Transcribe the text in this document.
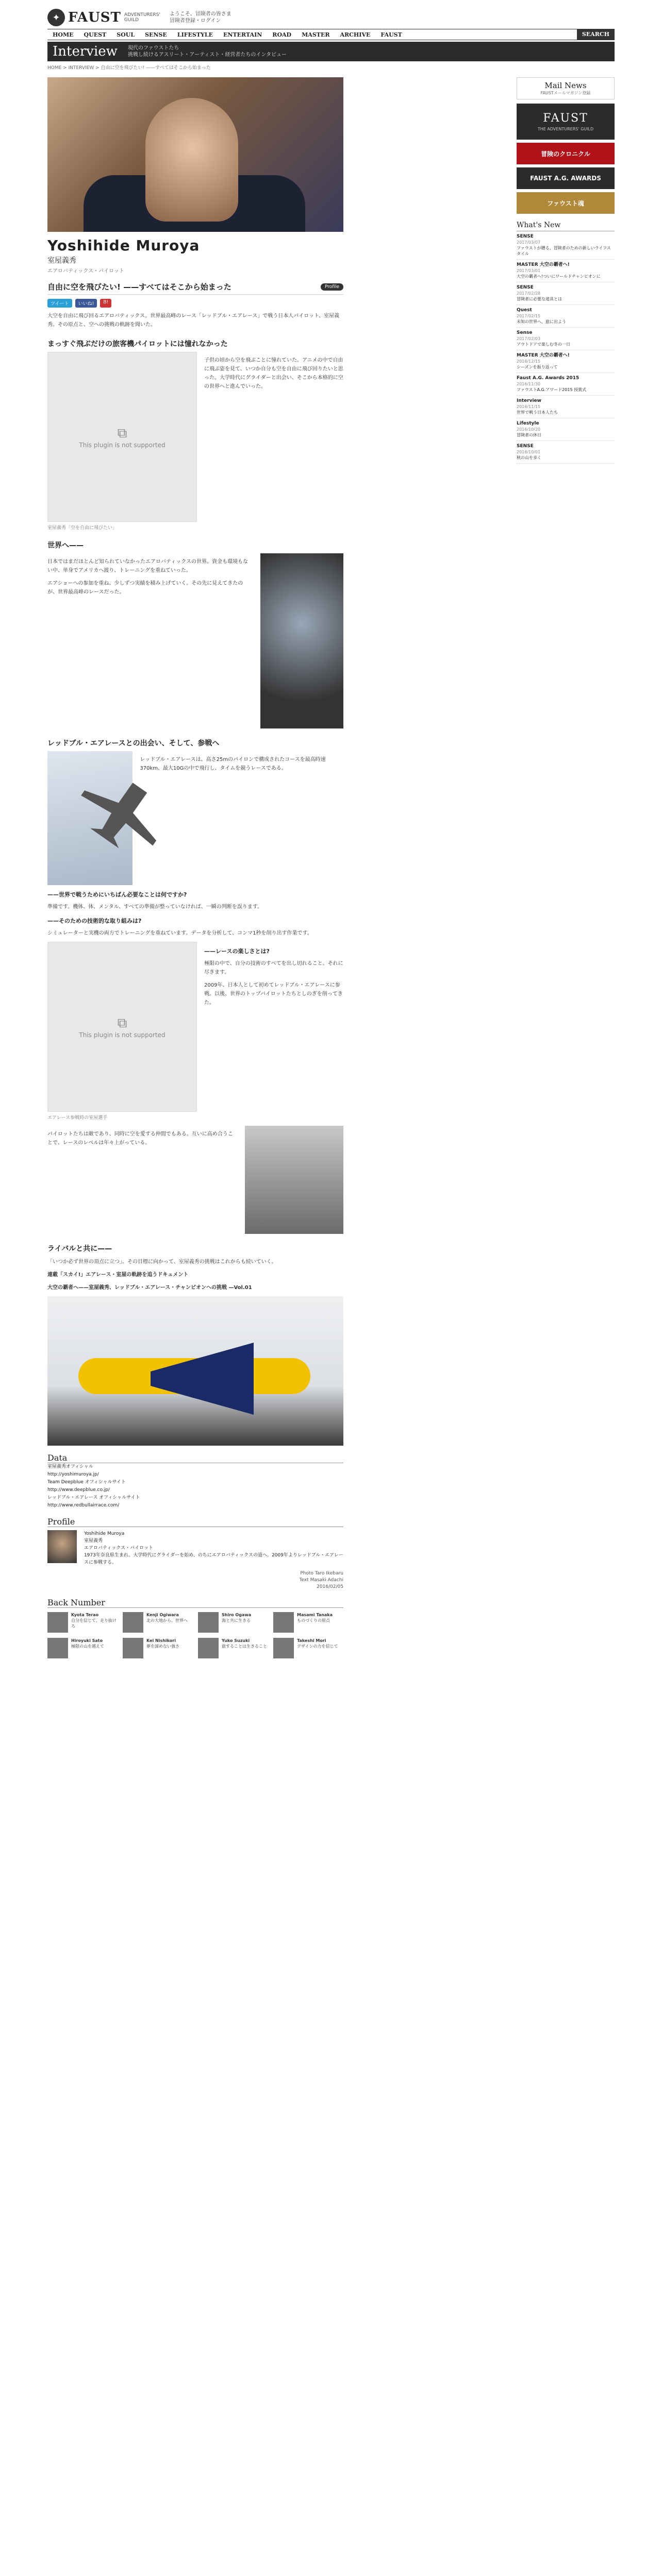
✦ FAUST ADVENTURERS'
GUILD
ようこそ、冒険者の皆さま
冒険者登録・ログイン
HOME	QUEST	SOUL	SENSE	LIFESTYLE	ENTERTAIN	ROAD	MASTER	ARCHIVE	FAUST	SEARCH
Interview 現代のファウストたち
挑戦し続けるアスリート・アーティスト・経営者たちのインタビュー
HOME > INTERVIEW > 自由に空を飛びたい! ——すべてはそこから始まった
Yoshihide Muroya
室屋義秀
エアロバティックス・パイロット
自由に空を飛びたい! ——すべてはそこから始まった	Profile
ツイート	いいね!	B!

大空を自由に飛び回るエアロバティックス。世界最高峰のレース「レッドブル・エアレース」で戦う日本人パイロット、室屋義秀。その原点と、空への挑戦の軌跡を聞いた。

まっすぐ飛ぶだけの旅客機パイロットには憧れなかった
⧉
This plugin is not supported
室屋義秀「空を自由に飛びたい」

子供の頃から空を飛ぶことに憧れていた。アニメの中で自由に飛ぶ姿を見て、いつか自分も空を自由に飛び回りたいと思った。大学時代にグライダーと出会い、そこから本格的に空の世界へと進んでいった。

世界へ——

日本ではまだほとんど知られていなかったエアロバティックスの世界。資金も環境もない中、単身でアメリカへ渡り、トレーニングを重ねていった。

エアショーへの参加を重ね、少しずつ実績を積み上げていく。その先に見えてきたのが、世界最高峰のレースだった。

レッドブル・エアレースとの出会い、そして、参戦へ

レッドブル・エアレースは、高さ25mのパイロンで構成されたコースを最高時速370km、最大10Gの中で飛行し、タイムを競うレースである。

——世界で戦うためにいちばん必要なことは何ですか?

準備です。機体、体、メンタル、すべての準備が整っていなければ、一瞬の判断を誤ります。

——そのための技術的な取り組みは?

シミュレーターと実機の両方でトレーニングを重ねています。データを分析して、コンマ1秒を削り出す作業です。

⧉
This plugin is not supported
エアレース参戦時の室屋選手
——レースの楽しさとは?

極限の中で、自分の技術のすべてを出し切れること。それに尽きます。

2009年、日本人として初めてレッドブル・エアレースに参戦。以後、世界のトップパイロットたちとしのぎを削ってきた。

パイロットたちは敵であり、同時に空を愛する仲間でもある。互いに高め合うことで、レースのレベルは年々上がっている。

ライバルと共に——

「いつか必ず世界の頂点に立つ」。その目標に向かって、室屋義秀の挑戦はこれからも続いていく。

連載「スカイ!」エアレース・室屋の軌跡を追うドキュメント

大空の覇者へ——室屋義秀、レッドブル・エアレース・チャンピオンへの挑戦 —Vol.01

Data

室屋義秀オフィシャル

http://yoshimuroya.jp/

Team Deepblue オフィシャルサイト

http://www.deepblue.co.jp/

レッドブル・エアレース オフィシャルサイト

http://www.redbullairrace.com/

Profile
Yoshihide Muroya
室屋義秀
エアロバティックス・パイロット
1973年奈良県生まれ。大学時代にグライダーを始め、のちにエアロバティックスの道へ。2009年よりレッドブル・エアレースに参戦する。
Photo Taro Ikebaru
Text Masaki Adachi
2016/02/05
Back Number
Kyota Terao
自分を信じて、走り抜けろ
Kenji Ogiwara
北の大地から、世界へ
Shiro Ogawa
海と共に生きる
Masami Tanaka
ものづくりの原点
Hiroyuki Sato
極限の山を越えて
Kei Nishikori
夢を諦めない強さ
Yuko Suzuki
旅することは生きること
Takeshi Mori
デザインの力を信じて
Mail News
FAUSTメールマガジン登録
FAUST
THE ADVENTURERS' GUILD
冒険のクロニクル
FAUST A.G. AWARDS
ファウスト魂
What's New
SENSE
2017/03/07
ファウストが贈る、冒険者のための新しいライフスタイル
MASTER 大空の覇者へ!
2017/03/01
大空の覇者へ!ついにワールドチャンピオンに
SENSE
2017/02/28
冒険者に必要な道具とは
Quest
2017/02/15
未知の世界へ、旅に出よう
Sense
2017/02/03
アウトドアで楽しむ冬の一日
MASTER 大空の覇者へ!
2016/12/15
シーズンを振り返って
Faust A.G. Awards 2015
2016/11/30
ファウストA.G.アワード2015 授賞式
Interview
2016/11/15
世界で戦う日本人たち
Lifestyle
2016/10/20
冒険者の休日
SENSE
2016/10/01
秋の山を歩く
